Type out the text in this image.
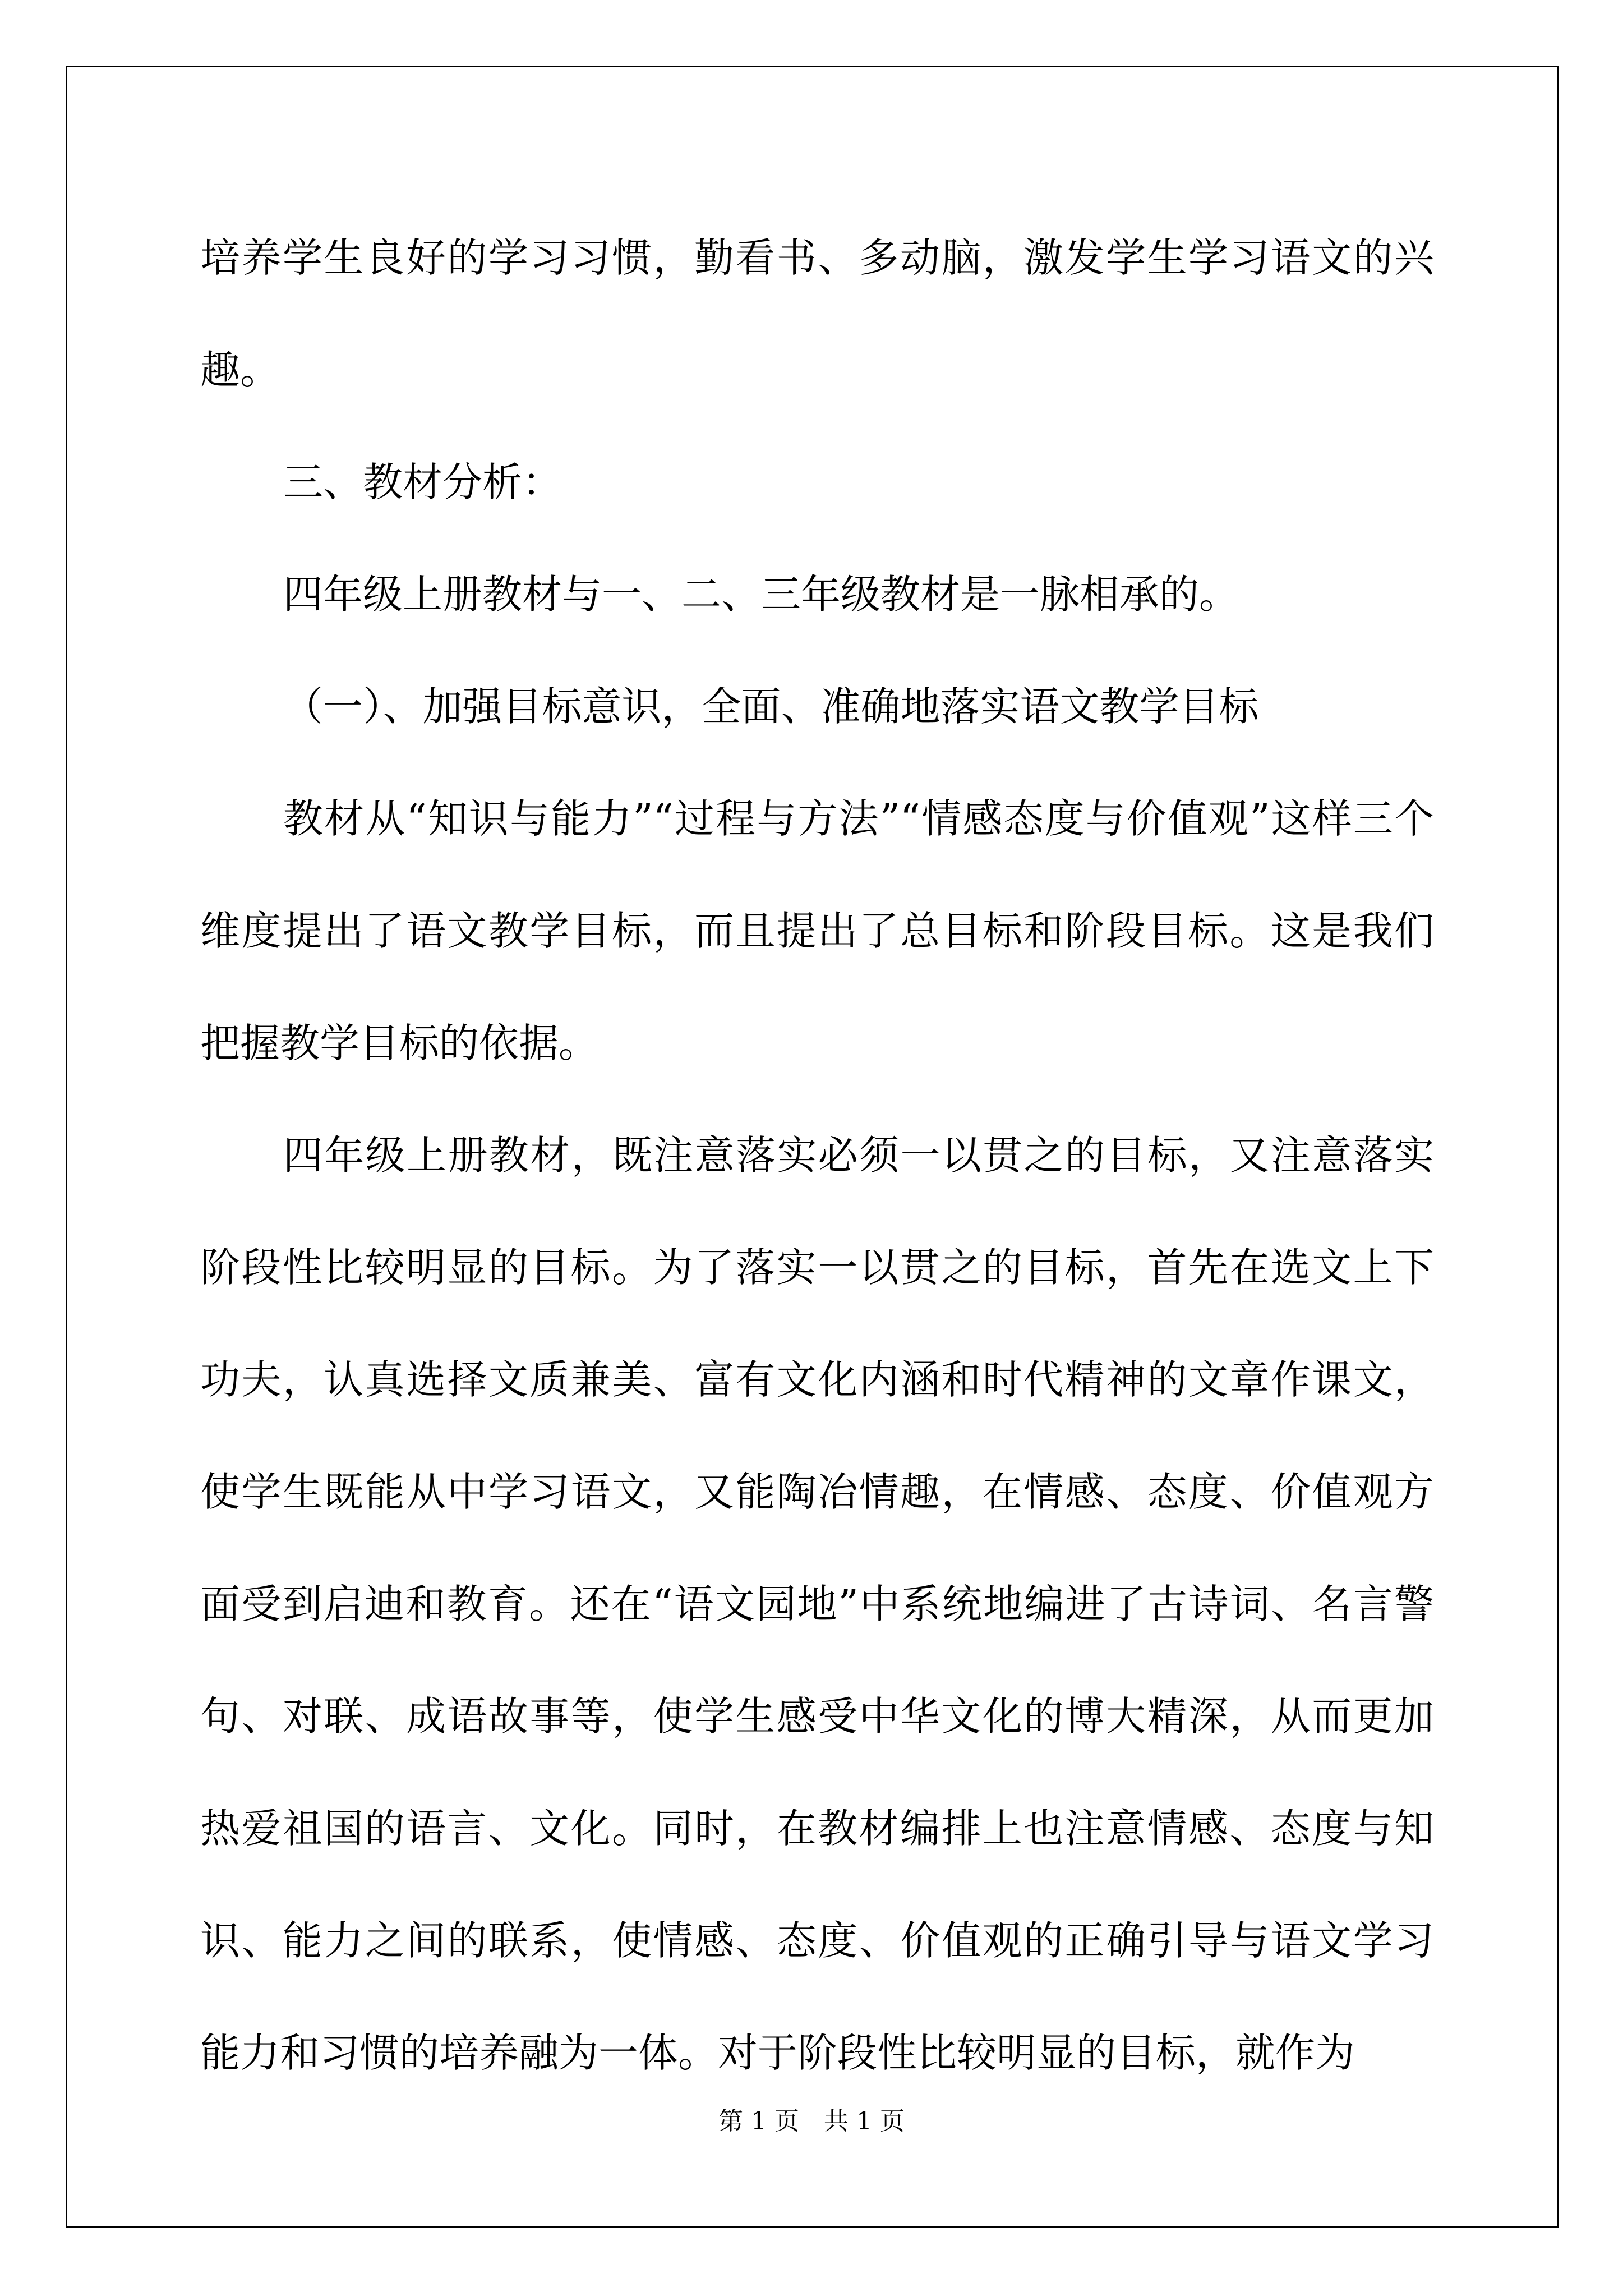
培养学生良好的学习习惯，勤看书、多动脑，激发学生学习语文的兴趣。

三、教材分析：

四年级上册教材与一、二、三年级教材是一脉相承的。

（一）、加强目标意识，全面、准确地落实语文教学目标

教材从“知识与能力”“过程与方法”“情感态度与价值观”这样三个维度提出了语文教学目标，而且提出了总目标和阶段目标。这是我们把握教学目标的依据。

四年级上册教材，既注意落实必须一以贯之的目标，又注意落实阶段性比较明显的目标。为了落实一以贯之的目标，首先在选文上下功夫，认真选择文质兼美、富有文化内涵和时代精神的文章作课文，使学生既能从中学习语文，又能陶冶情趣，在情感、态度、价值观方面受到启迪和教育。还在“语文园地”中系统地编进了古诗词、名言警句、对联、成语故事等，使学生感受中华文化的博大精深，从而更加热爱祖国的语言、文化。同时，在教材编排上也注意情感、态度与知识、能力之间的联系，使情感、态度、价值观的正确引导与语文学习能力和习惯的培养融为一体。对于阶段性比较明显的目标，就作为

第 1 页　共 1 页
